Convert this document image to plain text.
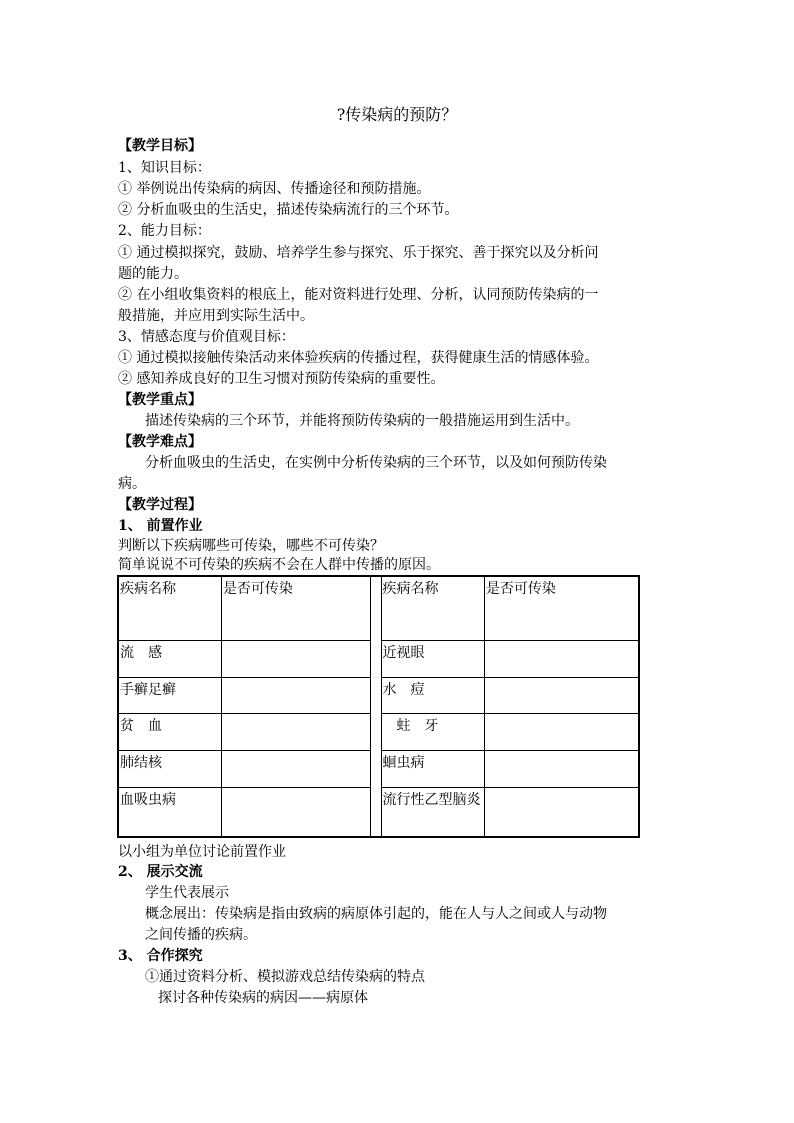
?传染病的预防？
【教学目标】
1、知识目标：
① 举例说出传染病的病因、传播途径和预防措施。
② 分析血吸虫的生活史，描述传染病流行的三个环节。
2、能力目标：
① 通过模拟探究，鼓励、培养学生参与探究、乐于探究、善于探究以及分析问
题的能力。
② 在小组收集资料的根底上，能对资料进行处理、分析，认同预防传染病的一
般措施，并应用到实际生活中。
3、情感态度与价值观目标：
① 通过模拟接触传染活动来体验疾病的传播过程，获得健康生活的情感体验。
② 感知养成良好的卫生习惯对预防传染病的重要性。
【教学重点】
描述传染病的三个环节，并能将预防传染病的一般措施运用到生活中。
【教学难点】
分析血吸虫的生活史，在实例中分析传染病的三个环节，以及如何预防传染
病。
【教学过程】
1、 前置作业
判断以下疾病哪些可传染，哪些不可传染？
简单说说不可传染的疾病不会在人群中传播的原因。
疾病名称	是否可传染		疾病名称	是否可传染
流　感			近视眼	
手癣足癣			水　痘	
贫　血			　蛀　牙	
肺结核			蛔虫病	
血吸虫病			流行性乙型脑炎	
以小组为单位讨论前置作业
2、 展示交流
学生代表展示
概念展出：传染病是指由致病的病原体引起的，能在人与人之间或人与动物
之间传播的疾病。
3、 合作探究
①通过资料分析、模拟游戏总结传染病的特点
探讨各种传染病的病因——病原体
